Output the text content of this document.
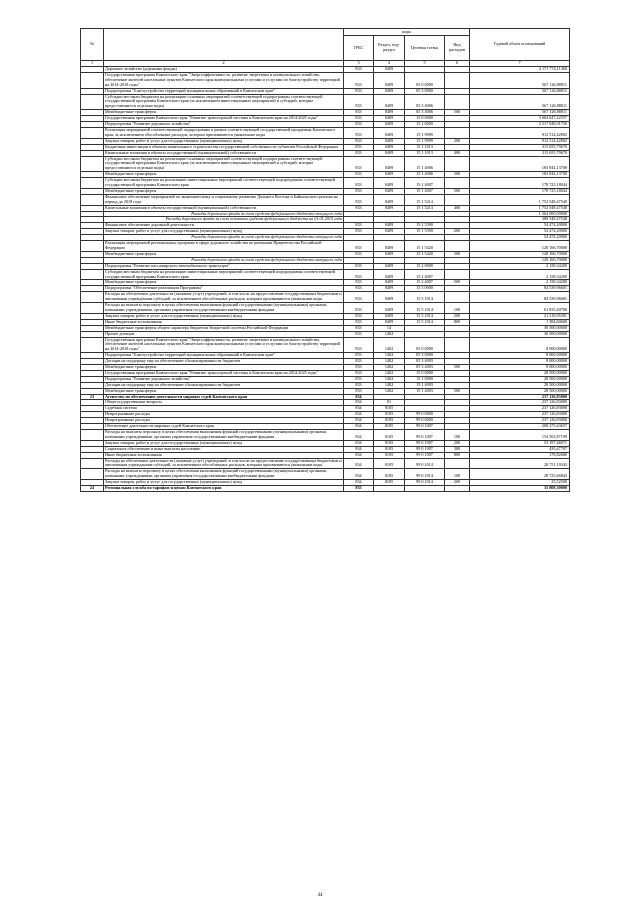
№		коды				Годовой объем ассигнований
		ГРБС	Раздел, под-раздел	Целевая статья	Вид расходов	
1	2	3	4	5	6	7
	Дорожное хозяйство (дорожные фонды)	833	0409			4 171 774,11368
	Государственная программа Камчатского края "Энергоэффективность, развитие энергетики и коммунального хозяйства, обеспечение жителей населенных пунктов Камчатского края коммунальными услугами и услугами по благоустройству территорий на 2014-2018 годы"	833	0409	05 0 0000		567 126,88811
	Подпрограмма "Благоустройство территорий муниципальных образований в Камчатском крае"	833	0409	05 3 0000		567 126,88811
	Субсидии местным бюджетам на реализацию основных мероприятий соответствующей подпрограммы соответствующей государственной программы Камчатского края (за исключением инвестиционных мероприятий и субсидий, которые предоставляются отдельно коды)	833	0409	05 3 4006		567 126,88811
	Межбюджетные трансферты	833	0409	05 3 4006	500	567 126,88811
	Государственная программа Камчатского края "Развитие транспортной системы в Камчатском крае на 2014-2025 годы"	833	0409	15 0 0000		3 604 647,22557
	Подпрограмма "Развитие дорожного хозяйства"	833	0409	15 1 0000		3 517 948,91756
	Реализация мероприятий соответствующей подпрограммы в рамках соответствующей государственной программы Камчатского края, за исключением обособленных расходов, которым присваиваются уникальные коды	833	0409	15 1 9999		912 514,42802
	Закупка товаров, работ и услуг для государственных (муниципальных) нужд	833	0409	15 1 9999	200	912 514,42802
	Бюджетные инвестиции в объекты капитального строительства государственной собственности субъектов Российской Федерации	833	0409	15 1 1013		315 655,79670
	Капитальные вложения в объекты государственной (муниципальной) собственности	833	0409	15 1 1013	400	315 655,79670
	Субсидии местным бюджетам на реализацию основных мероприятий соответствующей подпрограммы соответствующей государственной программы Камчатского края (за исключением инвестиционных мероприятий и субсидий, которые предоставляются отдельно коды)	833	0409	15 1 4006		183 844,13700
	Межбюджетные трансферты	833	0409	15 1 4006	500	183 844,13700
	Субсидии местным бюджетам на реализацию инвестиционных мероприятий соответствующей подпрограммы соответствующей государственной программы Камчатского края	833	0409	15 1 4007		178 725,18044
	Межбюджетные трансферты	833	0409	15 1 4007	500	178 725,18044
	Финансовое обеспечение мероприятий по экономическому и социальному развитию Дальнего Востока и Байкальского региона на период до 2018 года	833	0409	15 1 5214		1 752 548,47540
	Капитальные вложения в объекты государственной (муниципальной) собственности	833	0409	15 1 5214	400	1 752 548,47540
	Расходы дорожного фонда за счет средств федерального бюджета текущего года					1 364 000,00000
	Расходы дорожного фонда за счет остатков средств федерального бюджета на 01.01.2015 года					388 548,47540
	Финансовое обеспечение дорожной деятельности	833	0409	15 1 5390		54 474,20000
	Закупка товаров, работ и услуг для государственных (муниципальных) нужд	833	0409	15 1 5390	200	54 474,20000
	Расходы дорожного фонда за счет средств федерального бюджета текущего года					54 474,20000
	Реализация мероприятий региональных программ в сфере дорожного хозяйства по решениям Правительства Российской Федерации	833	0409	15 1 5420		120 166,70000
	Межбюджетные трансферты	833	0409	15 1 5420	500	120 166,70000
	Расходы дорожного фонда за счет средств федерального бюджета текущего года					120 166,70000
	Подпрограмма "Развитие пассажирского автомобильного транспорта"	833	0409	15 2 0000		2 158,34200
	Субсидии местным бюджетам на реализацию инвестиционных мероприятий соответствующей подпрограммы соответствующей государственной программы Камчатского края	833	0409	15 2 4007		2 158,34200
	Межбюджетные трансферты	833	0409	15 2 4007	500	2 158,34200
	Подпрограмма "Обеспечение реализации Программы"	833	0409	15 5 0000		84 539,96601
	Расходы на обеспечение деятельности (оказание услуг) учреждений, в том числе на предоставление государственным бюджетным и автономным учреждениям субсидий, за исключением обособленных расходов, которым присваиваются уникальные коды	833	0409	15 5 1014		84 539,96601
	Расходы на выплаты персоналу в целях обеспечения выполнения функций государственными (муниципальными) органами, казенными учреждениями, органами управления государственными внебюджетными фондами	833	0409	15 5 1014	100	61 835,40700
	Закупка товаров, работ и услуг для государственных (муниципальных) нужд	833	0409	15 5 1014	200	21 319,95301
	Иные бюджетные ассигнования	833	0409	15 5 1014	800	1 384,60600
	Межбюджетные трансферты общего характера бюджетам бюджетной системы Российской Федерации	833	14			36 500,00000
	Прочие дотации	833	1402			36 500,00000
	Государственная программа Камчатского края "Энергоэффективность, развитие энергетики и коммунального хозяйства, обеспечение жителей населенных пунктов Камчатского края коммунальными услугами и услугами по благоустройству территорий на 2014-2018 годы"	833	1402	05 0 0000		8 000,00000
	Подпрограмма "Благоустройство территорий муниципальных образований в Камчатском крае"	833	1402	05 3 0000		8 000,00000
	Дотации на поддержку мер по обеспечению сбалансированности бюджетов	833	1402	05 3 4003		8 000,00000
	Межбюджетные трансферты	833	1402	05 3 4003	500	8 000,00000
	Государственная программа Камчатского края "Развитие транспортной системы в Камчатском крае на 2014-2025 годы"	833	1402	15 0 0000		28 500,00000
	Подпрограмма "Развитие дорожного хозяйства"	833	1402	15 1 0000		28 500,00000
	Дотации на поддержку мер по обеспечению сбалансированности бюджетов	833	1402	15 1 4003		28 500,00000
	Межбюджетные трансферты	833	1402	15 1 4003	500	28 500,00000
23	Агентство по обеспечению деятельности мировых судей Камчатского края	834				237 126,83000
	Общегосударственные вопросы	834	01			237 126,83000
	Судебная система	834	0105			237 126,83000
	Непрограммные расходы	834	0105	99 0 0000		237 126,83000
	Непрограммные расходы	834	0105	99 0 0000		237 126,83000
	Обеспечение деятельности мировых судей Камчатского края	834	0105	99 0 1007		208 375,63657
	Расходы на выплаты персоналу в целях обеспечения выполнения функций государственными (муниципальными) органами, казенными учреждениями, органами управления государственными внебюджетными фондами	834	0105	99 0 1007	100	154 563,87199
	Закупка товаров, работ и услуг для государственных (муниципальных) нужд	834	0105	99 0 1007	200	53 197,46071
	Социальное обеспечение и иные выплаты населению	834	0105	99 0 1007	300	435,47707
	Иные бюджетные ассигнования	834	0105	99 0 1007	800	178,82680
	Расходы на обеспечение деятельности (оказание услуг) учреждений, в том числе на предоставление государственным бюджетным и автономным учреждениям субсидий, за исключением обособленных расходов, которым присваиваются уникальные коды	834	0105	99 0 1014		28 751,19343
	Расходы на выплаты персоналу в целях обеспечения выполнения функций государственными (муниципальными) органами, казенными учреждениями, органами управления государственными внебюджетными фондами	834	0105	99 0 1014	100	28 725,66843
	Закупка товаров, работ и услуг для государственных (муниципальных) нужд	834	0105	99 0 1014	200	25,52500
24	Региональная служба по тарифам и ценам Камчатского края	835				35 808,30000
44
